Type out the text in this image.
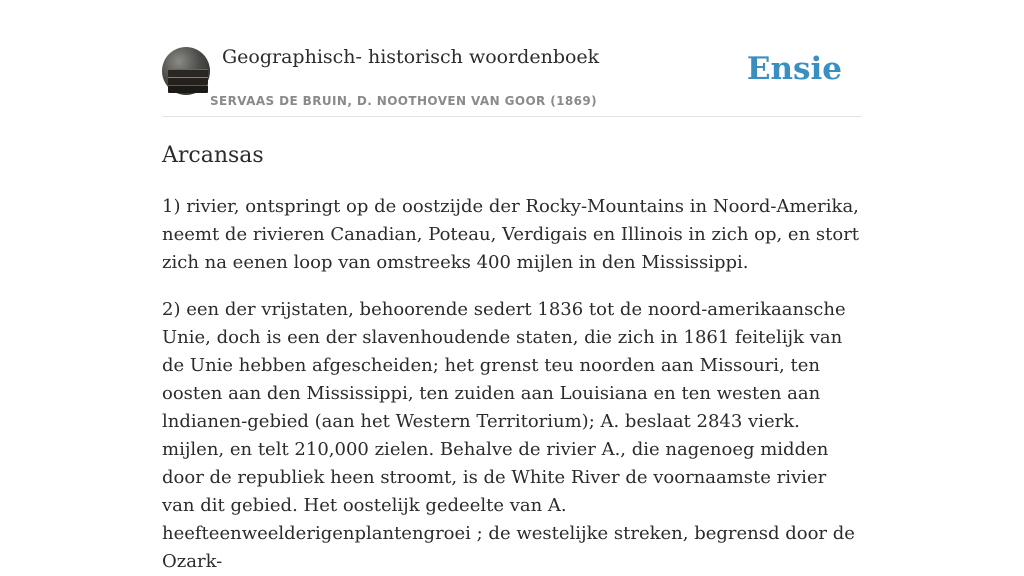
Geographisch- historisch woordenboek
SERVAAS DE BRUIN, D. NOOTHOVEN VAN GOOR (1869)
Ensie
Arcansas

1) rivier, ontspringt op de oostzijde der Rocky-Mountains in Noord-Amerika, neemt de rivieren Canadian, Poteau, Verdigais en Illinois in zich op, en stort zich na eenen loop van omstreeks 400 mijlen in den Mississippi.

2) een der vrijstaten, behoorende sedert 1836 tot de noord-amerikaansche Unie, doch is een der slavenhoudende staten, die zich in 1861 feitelijk van de Unie hebben afgescheiden; het grenst teu noorden aan Missouri, ten oosten aan den Mississippi, ten zuiden aan Louisiana en ten westen aan lndianen-gebied (aan het Western Territorium); A. beslaat 2843 vierk. mijlen, en telt 210,000 zielen. Behalve de rivier A., die nagenoeg midden door de republiek heen stroomt, is de White River de voornaamste rivier van dit gebied. Het oostelijk gedeelte van A. heefteenweelderigenplantengroei ; de westelijke streken, begrensd door de Ozark-
